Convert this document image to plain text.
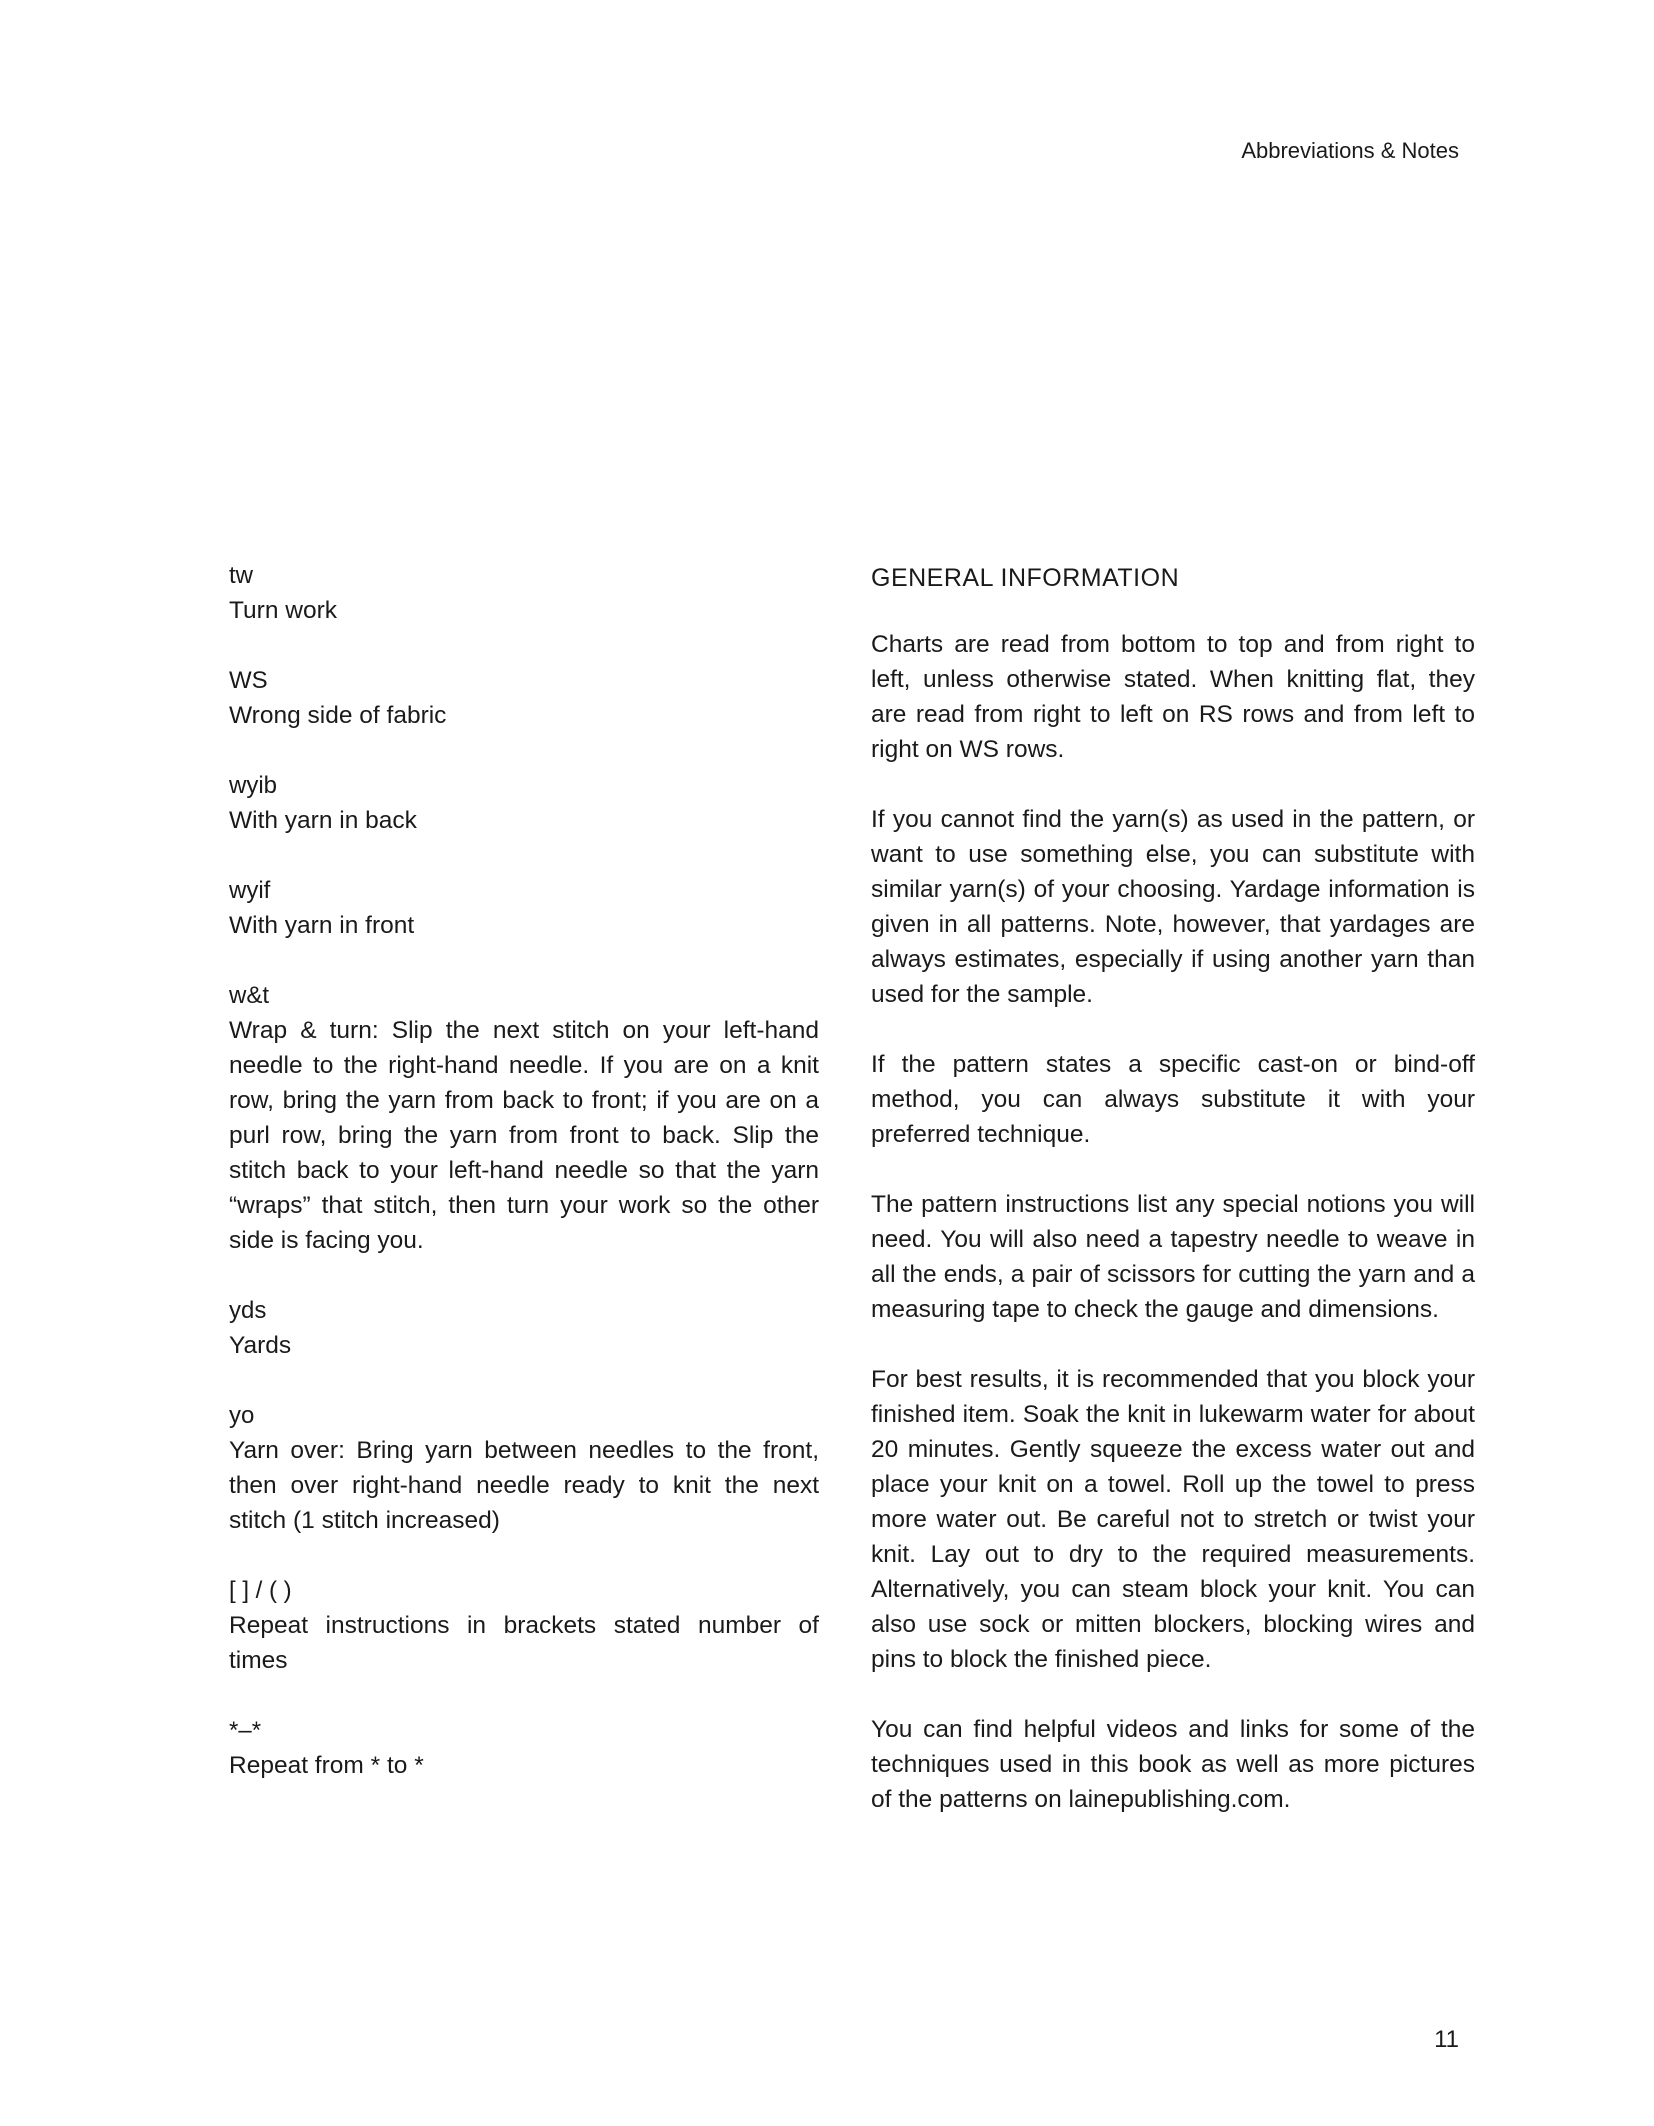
Abbreviations & Notes
tw
Turn work
WS
Wrong side of fabric
wyib
With yarn in back
wyif
With yarn in front
w&t
Wrap & turn: Slip the next stitch on your left-hand needle to the right-hand needle. If you are on a knit row, bring the yarn from back to front; if you are on a purl row, bring the yarn from front to back. Slip the stitch back to your left-hand needle so that the yarn “wraps” that stitch, then turn your work so the other side is facing you.
yds
Yards
yo
Yarn over: Bring yarn between needles to the front, then over right-hand needle ready to knit the next stitch (1 stitch increased)
[ ] / ( )
Repeat instructions in brackets stated number of times
*–*
Repeat from * to *
GENERAL INFORMATION

Charts are read from bottom to top and from right to left, unless otherwise stated. When knitting flat, they are read from right to left on RS rows and from left to right on WS rows.

If you cannot find the yarn(s) as used in the pattern, or want to use something else, you can substitute with similar yarn(s) of your choosing. Yardage information is given in all patterns. Note, however, that yardages are always estimates, especially if using another yarn than used for the sample.

If the pattern states a specific cast-on or bind-off method, you can always substitute it with your preferred technique.

The pattern instructions list any special notions you will need. You will also need a tapestry needle to weave in all the ends, a pair of scissors for cutting the yarn and a measuring tape to check the gauge and dimensions.

For best results, it is recommended that you block your finished item. Soak the knit in lukewarm water for about 20 minutes. Gently squeeze the excess water out and place your knit on a towel. Roll up the towel to press more water out. Be careful not to stretch or twist your knit. Lay out to dry to the required measurements. Alternatively, you can steam block your knit. You can also use sock or mitten blockers, blocking wires and pins to block the finished piece.

You can find helpful videos and links for some of the techniques used in this book as well as more pictures of the patterns on lainepublishing.com.

11
